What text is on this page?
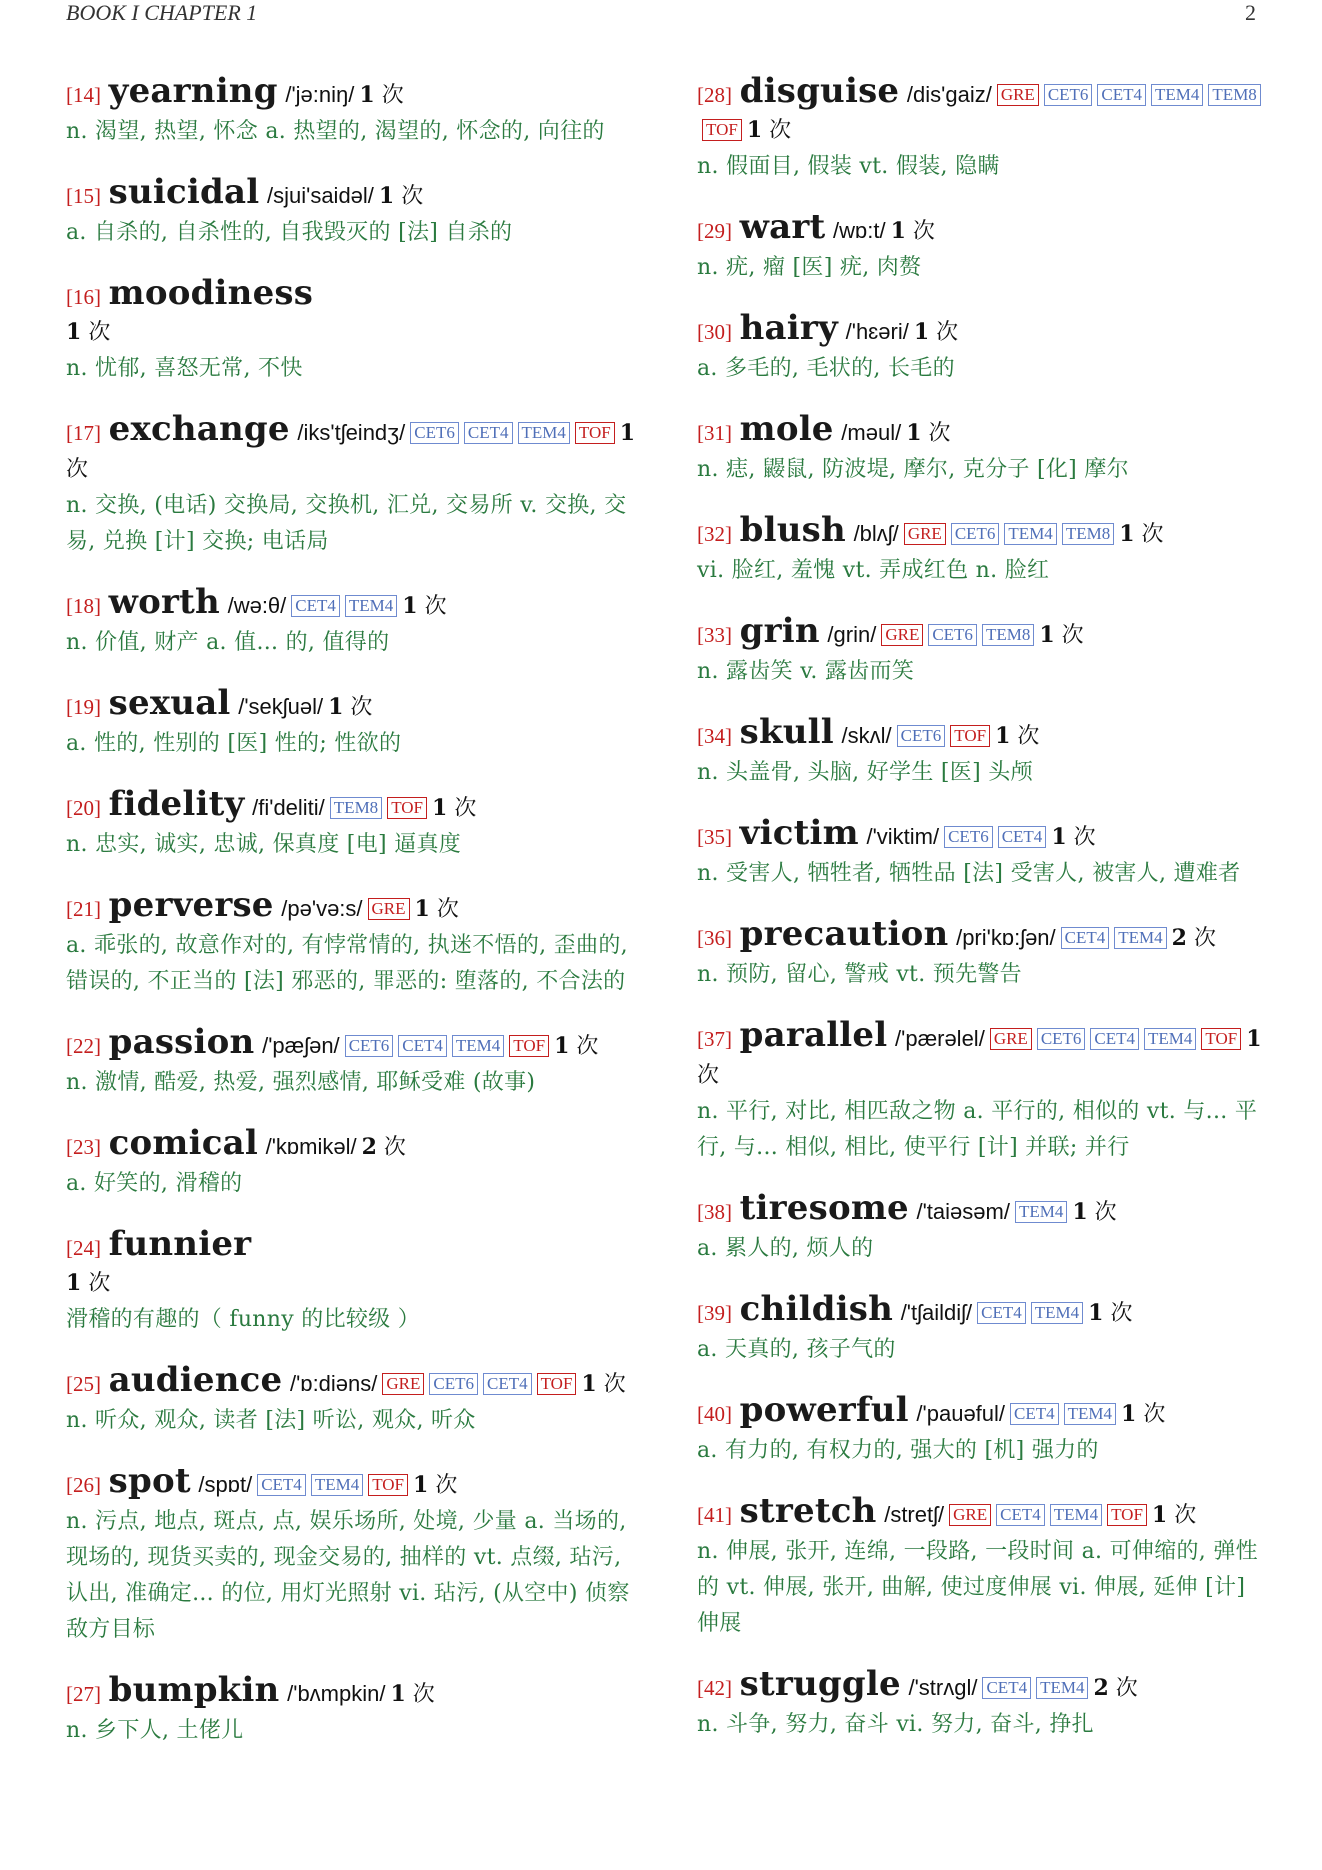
BOOK I CHAPTER 1	2
[14] yearning /'jə:niŋ/ 1 次
n. 渴望, 热望, 怀念 a. 热望的, 渴望的, 怀念的, 向往的
[15] suicidal /sjui'saidəl/ 1 次
a. 自杀的, 自杀性的, 自我毁灭的 [法] 自杀的
[16] moodiness
1 次
n. 忧郁, 喜怒无常, 不快
[17] exchange /iks'tʃeindʒ/ CET6 CET4 TEM4 TOF 1 次
n. 交换, (电话) 交换局, 交换机, 汇兑, 交易所 v. 交换, 交易, 兑换 [计] 交换; 电话局
[18] worth /wə:θ/ CET4 TEM4 1 次
n. 价值, 财产 a. 值... 的, 值得的
[19] sexual /'sekʃuəl/ 1 次
a. 性的, 性别的 [医] 性的; 性欲的
[20] fidelity /fi'deliti/ TEM8 TOF 1 次
n. 忠实, 诚实, 忠诚, 保真度 [电] 逼真度
[21] perverse /pə'və:s/ GRE 1 次
a. 乖张的, 故意作对的, 有悖常情的, 执迷不悟的, 歪曲的, 错误的, 不正当的 [法] 邪恶的, 罪恶的: 堕落的, 不合法的
[22] passion /'pæʃən/ CET6 CET4 TEM4 TOF 1 次
n. 激情, 酷爱, 热爱, 强烈感情, 耶稣受难 (故事)
[23] comical /'kɒmikəl/ 2 次
a. 好笑的, 滑稽的
[24] funnier
1 次
滑稽的有趣的（ funny 的比较级 ）
[25] audience /'ɒ:diəns/ GRE CET6 CET4 TOF 1 次
n. 听众, 观众, 读者 [法] 听讼, 观众, 听众
[26] spot /spɒt/ CET4 TEM4 TOF 1 次
n. 污点, 地点, 斑点, 点, 娱乐场所, 处境, 少量 a. 当场的, 现场的, 现货买卖的, 现金交易的, 抽样的 vt. 点缀, 玷污, 认出, 准确定... 的位, 用灯光照射 vi. 玷污, (从空中) 侦察敌方目标
[27] bumpkin /'bʌmpkin/ 1 次
n. 乡下人, 土佬儿
[28] disguise /dis'gaiz/ GRE CET6 CET4 TEM4 TEM8TOF 1 次
n. 假面目, 假装 vt. 假装, 隐瞒
[29] wart /wɒ:t/ 1 次
n. 疣, 瘤 [医] 疣, 肉赘
[30] hairy /'hɛəri/ 1 次
a. 多毛的, 毛状的, 长毛的
[31] mole /məul/ 1 次
n. 痣, 鼹鼠, 防波堤, 摩尔, 克分子 [化] 摩尔
[32] blush /blʌʃ/ GRE CET6 TEM4 TEM8 1 次
vi. 脸红, 羞愧 vt. 弄成红色 n. 脸红
[33] grin /grin/ GRE CET6 TEM8 1 次
n. 露齿笑 v. 露齿而笑
[34] skull /skʌl/ CET6 TOF 1 次
n. 头盖骨, 头脑, 好学生 [医] 头颅
[35] victim /'viktim/ CET6 CET4 1 次
n. 受害人, 牺牲者, 牺牲品 [法] 受害人, 被害人, 遭难者
[36] precaution /pri'kɒ:ʃən/ CET4 TEM4 2 次
n. 预防, 留心, 警戒 vt. 预先警告
[37] parallel /'pærəlel/ GRE CET6 CET4 TEM4 TOF 1 次
n. 平行, 对比, 相匹敌之物 a. 平行的, 相似的 vt. 与... 平行, 与... 相似, 相比, 使平行 [计] 并联; 并行
[38] tiresome /'taiəsəm/ TEM4 1 次
a. 累人的, 烦人的
[39] childish /'tʃaildiʃ/ CET4 TEM4 1 次
a. 天真的, 孩子气的
[40] powerful /'pauəful/ CET4 TEM4 1 次
a. 有力的, 有权力的, 强大的 [机] 强力的
[41] stretch /stretʃ/ GRE CET4 TEM4 TOF 1 次
n. 伸展, 张开, 连绵, 一段路, 一段时间 a. 可伸缩的, 弹性的 vt. 伸展, 张开, 曲解, 使过度伸展 vi. 伸展, 延伸 [计] 伸展
[42] struggle /'strʌgl/ CET4 TEM4 2 次
n. 斗争, 努力, 奋斗 vi. 努力, 奋斗, 挣扎
